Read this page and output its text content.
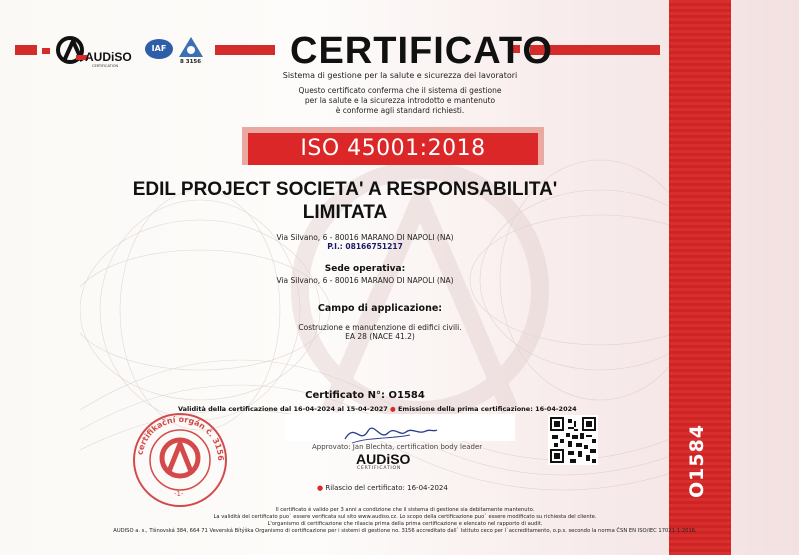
O1584
AUDiSO
CERTIFICATION
IAF
8 3156 CERTIFICATO
Sistema di gestione per la salute e sicurezza dei lavoratori
Questo certificato conferma che il sistema di gestione
per la salute e la sicurezza introdotto e mantenuto
è conforme agli standard richiesti.
ISO 45001:2018
EDIL PROJECT SOCIETA' A RESPONSABILITA'
LIMITATA
Via Silvano, 6 - 80016 MARANO DI NAPOLI (NA)
P.I.: 08166751217
Sede operativa:
Via Silvano, 6 - 80016 MARANO DI NAPOLI (NA)
Campo di applicazione:
Costruzione e manutenzione di edifici civili.
EA 28 (NACE 41.2)
Certificato N°: O1584
Validità della certificazione dal 16-04-2024 al 15-04-2027 ● Emissione della prima certificazione: 16-04-2024
Approvato: Jan Blechta, certification body leader
AUDiSO
CERTIFICATION
● Rilascio del certificato: 16-04-2024
certifikační orgán č. 3156
-1-
Il certificato è valido per 3 anni a condizione che il sistema di gestione sia debitamente mantenuto.
La validità del certificato puo` essere verificata sul sito www.audiso.cz. Lo scopo della certificazione puo` essere modificato su richiesta del cliente.
L'organismo di certificazione che rilascia prima della prima certificazione e elencato nel rapporto di audit.
AUDISO a. s., Tišnovská 384, 664 71 Veverská Bítýška Organismo di certificazione per i sistemi di gestione no. 3156 accreditato dall` Istituto ceco per l`accreditamento, o.p.s. secondo la norma ČSN EN ISO/IEC 17021-1:2016.
